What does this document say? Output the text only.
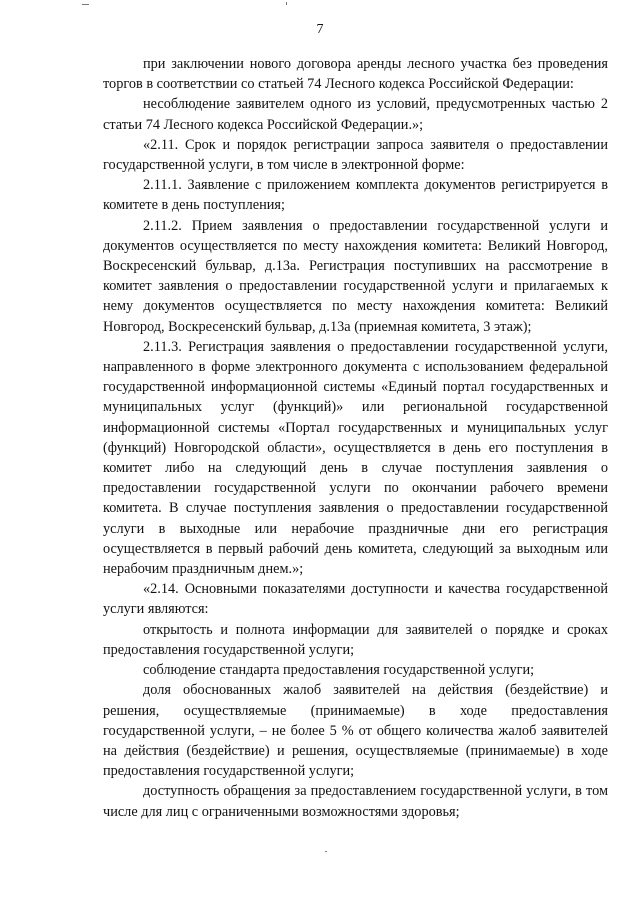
7

при заключении нового договора аренды лесного участка без проведения торгов в соответствии со статьей 74 Лесного кодекса Российской Федерации:

несоблюдение заявителем одного из условий, предусмотренных частью 2 статьи 74 Лесного кодекса Российской Федерации.»;

«2.11. Срок и порядок регистрации запроса заявителя о предоставлении государственной услуги, в том числе в электронной форме:

2.11.1. Заявление с приложением комплекта документов регистрируется в комитете в день поступления;

2.11.2. Прием заявления о предоставлении государственной услуги и документов осуществляется по месту нахождения комитета: Великий Новгород, Воскресенский бульвар, д.13а. Регистрация поступивших на рассмотрение в комитет заявления о предоставлении государственной услуги и прилагаемых к нему документов осуществляется по месту нахождения комитета: Великий Новгород, Воскресенский бульвар, д.13а (приемная комитета, 3 этаж);

2.11.3. Регистрация заявления о предоставлении государственной услуги, направленного в форме электронного документа с использованием федеральной государственной информационной системы «Единый портал государственных и муниципальных услуг (функций)» или региональной государственной информационной системы «Портал государственных и муниципальных услуг (функций) Новгородской области», осуществляется в день его поступления в комитет либо на следующий день в случае поступления заявления о предоставлении государственной услуги по окончании рабочего времени комитета. В случае поступления заявления о предоставлении государственной услуги в выходные или нерабочие праздничные дни его регистрация осуществляется в первый рабочий день комитета, следующий за выходным или нерабочим праздничным днем.»;

«2.14. Основными показателями доступности и качества государственной услуги являются:

открытость и полнота информации для заявителей о порядке и сроках предоставления государственной услуги;

соблюдение стандарта предоставления государственной услуги;

доля обоснованных жалоб заявителей на действия (бездействие) и решения, осуществляемые (принимаемые) в ходе предоставления государственной услуги, – не более 5 % от общего количества жалоб заявителей на действия (бездействие) и решения, осуществляемые (принимаемые) в ходе предоставления государственной услуги;

доступность обращения за предоставлением государственной услуги, в том числе для лиц с ограниченными возможностями здоровья;
